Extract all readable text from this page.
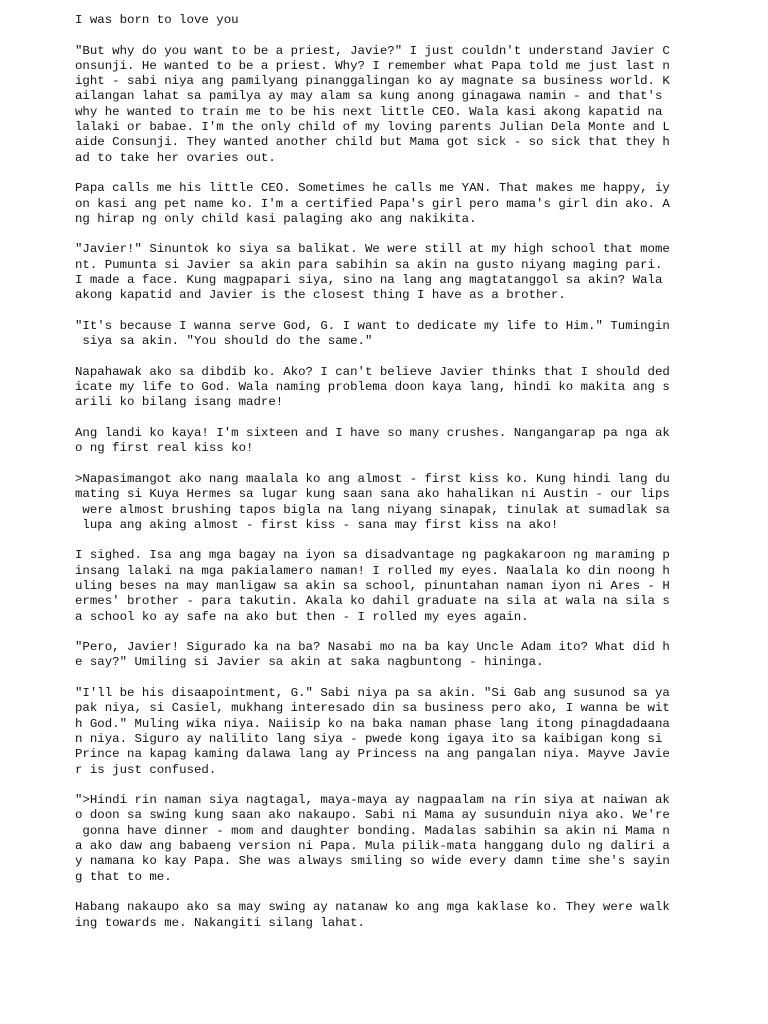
I was born to love you
"But why do you want to be a priest, Javie?" I just couldn't understand Javier C
onsunji. He wanted to be a priest. Why? I remember what Papa told me just last n
ight - sabi niya ang pamilyang pinanggalingan ko ay magnate sa business world. K
ailangan lahat sa pamilya ay may alam sa kung anong ginagawa namin - and that's
why he wanted to train me to be his next little CEO. Wala kasi akong kapatid na
lalaki or babae. I'm the only child of my loving parents Julian Dela Monte and L
aide Consunji. They wanted another child but Mama got sick - so sick that they h
ad to take her ovaries out.
Papa calls me his little CEO. Sometimes he calls me YAN. That makes me happy, iy
on kasi ang pet name ko. I'm a certified Papa's girl pero mama's girl din ako. A
ng hirap ng only child kasi palaging ako ang nakikita.
"Javier!" Sinuntok ko siya sa balikat. We were still at my high school that mome
nt. Pumunta si Javier sa akin para sabihin sa akin na gusto niyang maging pari.
I made a face. Kung magpapari siya, sino na lang ang magtatanggol sa akin? Wala
akong kapatid and Javier is the closest thing I have as a brother.
"It's because I wanna serve God, G. I want to dedicate my life to Him." Tumingin
siya sa akin. "You should do the same."
Napahawak ako sa dibdib ko. Ako? I can't believe Javier thinks that I should ded
icate my life to God. Wala naming problema doon kaya lang, hindi ko makita ang s
arili ko bilang isang madre!
Ang landi ko kaya! I'm sixteen and I have so many crushes. Nangangarap pa nga ak
o ng first real kiss ko!
>Napasimangot ako nang maalala ko ang almost - first kiss ko. Kung hindi lang du
mating si Kuya Hermes sa lugar kung saan sana ako hahalikan ni Austin - our lips
were almost brushing tapos bigla na lang niyang sinapak, tinulak at sumadlak sa
lupa ang aking almost - first kiss - sana may first kiss na ako!
I sighed. Isa ang mga bagay na iyon sa disadvantage ng pagkakaroon ng maraming p
insang lalaki na mga pakialamero naman! I rolled my eyes. Naalala ko din noong h
uling beses na may manligaw sa akin sa school, pinuntahan naman iyon ni Ares - H
ermes' brother - para takutin. Akala ko dahil graduate na sila at wala na sila s
a school ko ay safe na ako but then - I rolled my eyes again.
"Pero, Javier! Sigurado ka na ba? Nasabi mo na ba kay Uncle Adam ito? What did h
e say?" Umiling si Javier sa akin at saka nagbuntong - hininga.
"I'll be his disaapointment, G." Sabi niya pa sa akin. "Si Gab ang susunod sa ya
pak niya, si Casiel, mukhang interesado din sa business pero ako, I wanna be wit
h God." Muling wika niya. Naiisip ko na baka naman phase lang itong pinagdadaana
n niya. Siguro ay nalilito lang siya - pwede kong igaya ito sa kaibigan kong si
Prince na kapag kaming dalawa lang ay Princess na ang pangalan niya. Mayve Javie
r is just confused.
">Hindi rin naman siya nagtagal, maya-maya ay nagpaalam na rin siya at naiwan ak
o doon sa swing kung saan ako nakaupo. Sabi ni Mama ay susunduin niya ako. We're
gonna have dinner - mom and daughter bonding. Madalas sabihin sa akin ni Mama n
a ako daw ang babaeng version ni Papa. Mula pilik-mata hanggang dulo ng daliri a
y namana ko kay Papa. She was always smiling so wide every damn time she's sayin
g that to me.
Habang nakaupo ako sa may swing ay natanaw ko ang mga kaklase ko. They were walk
ing towards me. Nakangiti silang lahat.
